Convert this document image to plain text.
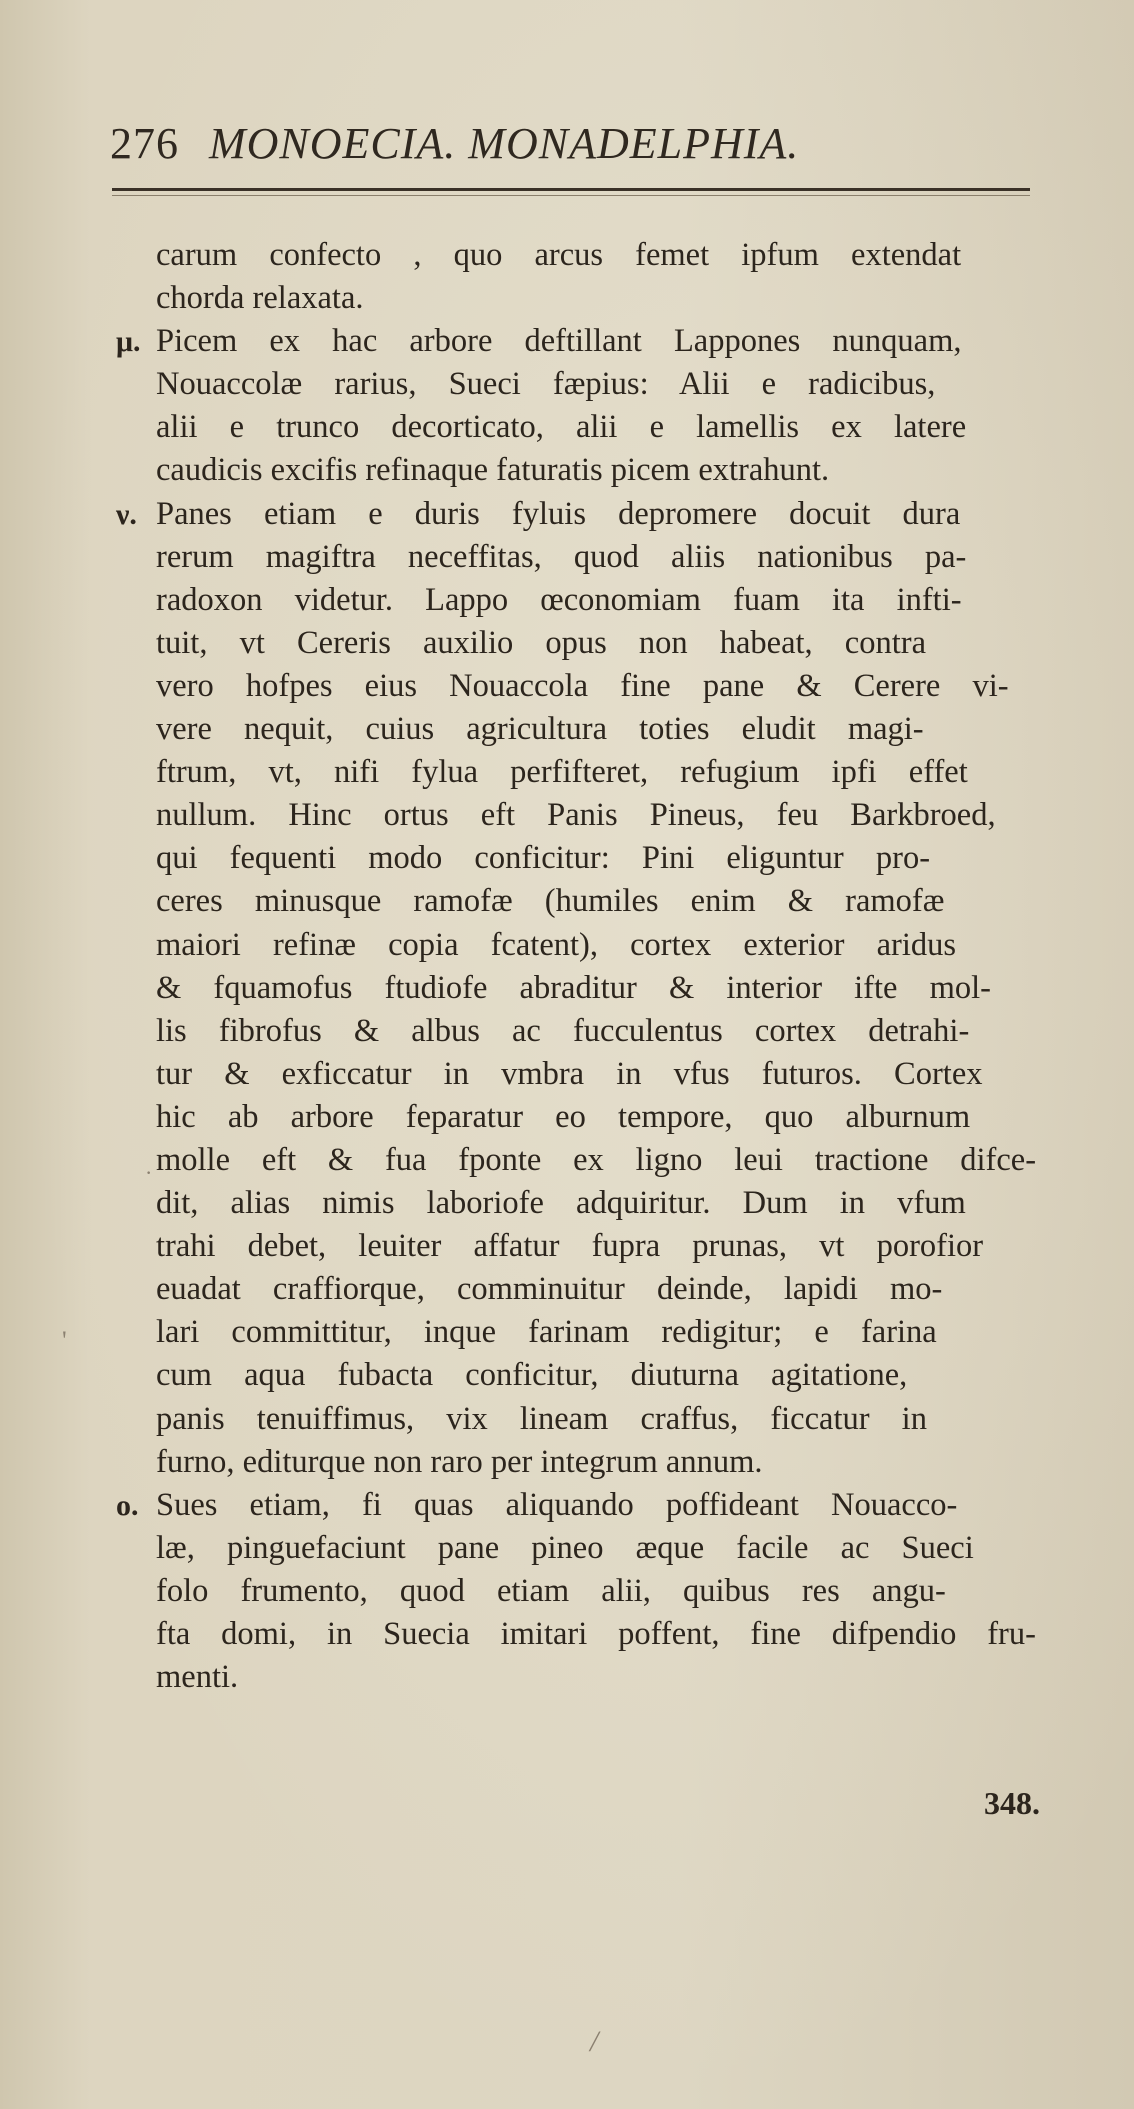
276 MONOECIA. MONADELPHIA.
carum confecto , quo arcus femet ipfum extendat
chorda relaxata.
μ. Picem ex hac arbore deftillant Lappones nunquam,
Nouaccolæ rarius, Sueci fæpius: Alii e radicibus,
alii e trunco decorticato, alii e lamellis ex latere
caudicis excifis refinaque faturatis picem extrahunt.
ν. Panes etiam e duris fyluis depromere docuit dura
rerum magiftra neceffitas, quod aliis nationibus pa-
radoxon videtur. Lappo œconomiam fuam ita infti-
tuit, vt Cereris auxilio opus non habeat, contra
vero hofpes eius Nouaccola fine pane & Cerere vi-
vere nequit, cuius agricultura toties eludit magi-
ftrum, vt, nifi fylua perfifteret, refugium ipfi effet
nullum. Hinc ortus eft Panis Pineus, feu Barkbroed,
qui fequenti modo conficitur: Pini eliguntur pro-
ceres minusque ramofæ (humiles enim & ramofæ
maiori refinæ copia fcatent), cortex exterior aridus
& fquamofus ftudiofe abraditur & interior ifte mol-
lis fibrofus & albus ac fucculentus cortex detrahi-
tur & exficcatur in vmbra in vfus futuros. Cortex
hic ab arbore feparatur eo tempore, quo alburnum
molle eft & fua fponte ex ligno leui tractione difce-
dit, alias nimis laboriofe adquiritur. Dum in vfum
trahi debet, leuiter affatur fupra prunas, vt porofior
euadat craffiorque, comminuitur deinde, lapidi mo-
lari committitur, inque farinam redigitur; e farina
cum aqua fubacta conficitur, diuturna agitatione,
panis tenuiffimus, vix lineam craffus, ficcatur in
furno, editurque non raro per integrum annum.
ο. Sues etiam, fi quas aliquando poffideant Nouacco-
læ, pinguefaciunt pane pineo æque facile ac Sueci
folo frumento, quod etiam alii, quibus res angu-
fta domi, in Suecia imitari poffent, fine difpendio fru-
menti.
348.
'
·
/
